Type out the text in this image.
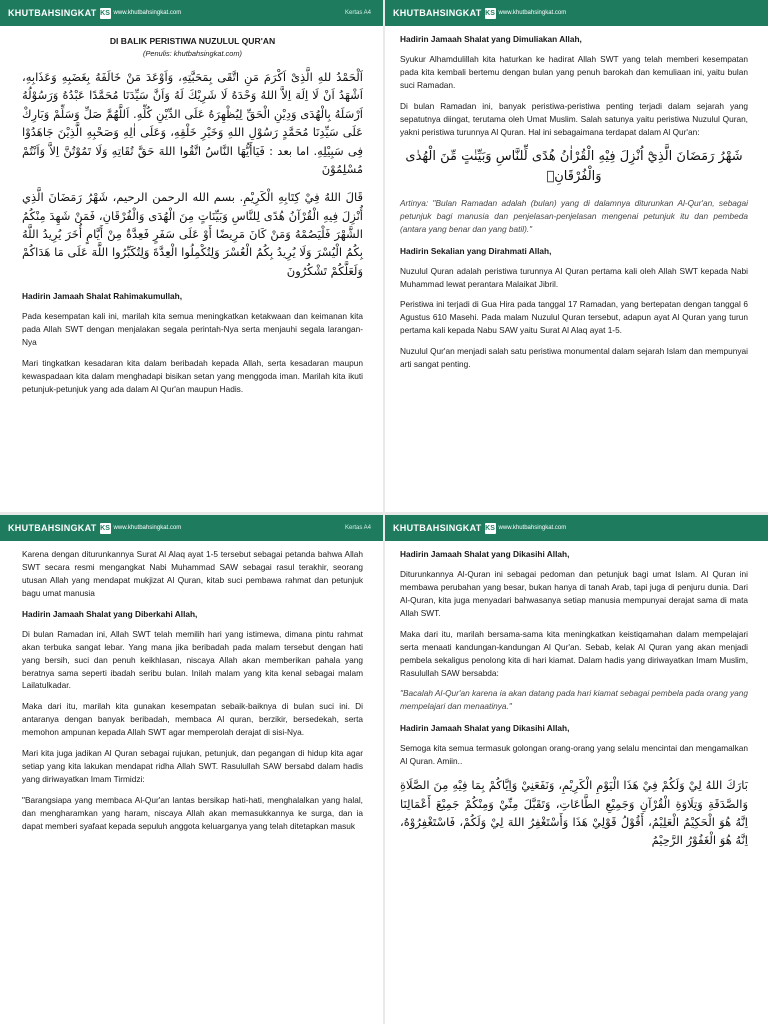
KHUTBAHSINGKAT KS www.khutbahsingkat.com	Kertas A4
DI BALIK PERISTIWA NUZULUL QUR'AN
(Penulis: khutbahsingkat.com)
اَلْحَمْدُ للهِ الَّذِىْ اَكْرَمَ مَنِ اتَّقَى بِمَحَبَّتِهِ، وَاَوْعَدَ مَنْ خَالَفَهُ بِغَضَبِهِ وَعَذَابِهِ، اَشْهَدُ اَنْ لَا اِلَهَ اِلاَّ اللهُ وَحْدَهُ لَا شَرِيْكَ لَهُ وَاَنَّ سَيِّدَنَا مُحَمَّدًا عَبْدُهُ وَرَسُوْلُهُ اَرْسَلَهُ بِالْهُدَى وَدِيْنِ الْحَقِّ لِيُظْهِرَهُ عَلَى الدِّيْنِ كُلِّهِ. اَللَّهُمَّ صَلِّ وَسَلِّمْ وَبَارِكْ عَلَى سَيِّدِنَا مُحَمَّدٍ رَسُوْلِ اللهِ وَخَيْرِ خَلْقِهِ، وَعَلَى اٰلِهِ وَصَحْبِهِ الَّذِيْنَ جَاهَدُوْا فِى سَبِيْلِهِ. اما بعد : فَيَاأَيُّهَا النَّاسُ اتَّقُوا اللهَ حَقَّ تُقَاتِهِ وَلَا تَمُوْتُنَّ اِلاَّ وَاَنْتُمْ مُسْلِمُوْنَ
قَالَ اللهُ فِيْ كِتَابِهِ الْكَرِيْمِ. بسم الله الرحمن الرحيم، شَهْرُ رَمَضَانَ الَّذِي أُنْزِلَ فِيهِ الْقُرْآنُ هُدًى لِلنَّاسِ وَبَيِّنَاتٍ مِنَ الْهُدَى وَالْفُرْقَانِ، فَمَنْ شَهِدَ مِنْكُمُ الشَّهْرَ فَلْيَصُمْهُ وَمَنْ كَانَ مَرِيضًا أَوْ عَلَى سَفَرٍ فَعِدَّةٌ مِنْ أَيَّامٍ أُخَرَ يُرِيدُ اللَّهُ بِكُمُ الْيُسْرَ وَلَا يُرِيدُ بِكُمُ الْعُسْرَ وَلِتُكْمِلُوا الْعِدَّةَ وَلِتُكَبِّرُوا اللَّهَ عَلَى مَا هَدَاكُمْ وَلَعَلَّكُمْ تَشْكُرُونَ
Hadirin Jamaah Shalat Rahimakumullah,

Pada kesempatan kali ini, marilah kita semua meningkatkan ketakwaan dan keimanan kita pada Allah SWT dengan menjalakan segala perintah-Nya serta menjauhi segala larangan-Nya

Mari tingkatkan kesadaran kita dalam beribadah kepada Allah, serta kesadaran maupun kewaspadaan kita dalam menghadapi bisikan setan yang menggoda iman. Marilah kita ikuti petunjuk-petunjuk yang ada dalam Al Qur'an maupun Hadis.

KHUTBAHSINGKAT KS www.khutbahsingkat.com
Hadirin Jamaah Shalat yang Dimuliakan Allah,

Syukur Alhamdulillah kita haturkan ke hadirat Allah SWT yang telah memberi kesempatan pada kita kembali bertemu dengan bulan yang penuh barokah dan kemuliaan ini, yaitu bulan suci Ramadan.

Di bulan Ramadan ini, banyak peristiwa-peristiwa penting terjadi dalam sejarah yang sepatutnya diingat, terutama oleh Umat Muslim. Salah satunya yaitu peristiwa Nuzulul Quran, yakni peristiwa turunnya Al Quran. Hal ini sebagaimana terdapat dalam Al Qur'an:

شَهْرُ رَمَضَانَ الَّذِيْٓ اُنْزِلَ فِيْهِ الْقُرْاٰنُ هُدًى لِّلنَّاسِ وَبَيِّنٰتٍ مِّنَ الْهُدٰى وَالْفُرْقَانِۚ

Artinya: "Bulan Ramadan adalah (bulan) yang di dalamnya diturunkan Al-Qur'an, sebagai petunjuk bagi manusia dan penjelasan-penjelasan mengenai petunjuk itu dan pembeda (antara yang benar dan yang batil)."

Hadirin Sekalian yang Dirahmati Allah,

Nuzulul Quran adalah peristiwa turunnya Al Quran pertama kali oleh Allah SWT kepada Nabi Muhammad lewat perantara Malaikat Jibril.

Peristiwa ini terjadi di Gua Hira pada tanggal 17 Ramadan, yang bertepatan dengan tanggal 6 Agustus 610 Masehi. Pada malam Nuzulul Quran tersebut, adapun ayat Al Quran yang turun pertama kali kepada Nabu SAW yaitu Surat Al Alaq ayat 1-5.

Nuzulul Qur'an menjadi salah satu peristiwa monumental dalam sejarah Islam dan mempunyai arti sangat penting.

KHUTBAHSINGKAT KS www.khutbahsingkat.com	Kertas A4

Karena dengan diturunkannya Surat Al Alaq ayat 1-5 tersebut sebagai petanda bahwa Allah SWT secara resmi mengangkat Nabi Muhammad SAW sebagai rasul terakhir, seorang utusan Allah yang mendapat mukjizat Al Quran, kitab suci pembawa rahmat dan petunjuk bagu umat manusia

Hadirin Jamaah Shalat yang Diberkahi Allah,

Di bulan Ramadan ini, Allah SWT telah memilih hari yang istimewa, dimana pintu rahmat akan terbuka sangat lebar. Yang mana jika beribadah pada malam tersebut dengan hati yang bersih, suci dan penuh keikhlasan, niscaya Allah akan memberikan pahala yang beratnya sama seperti ibadah seribu bulan. Inilah malam yang kita kenal sebagai malam Lailatulkadar.

Maka dari itu, marilah kita gunakan kesempatan sebaik-baiknya di bulan suci ini. Di antaranya dengan banyak beribadah, membaca Al quran, berzikir, bersedekah, serta memohon ampunan kepada Allah SWT agar memperolah derajat di sisi-Nya.

Mari kita juga jadikan Al Quran sebagai rujukan, petunjuk, dan pegangan di hidup kita agar setiap yang kita lakukan mendapat ridha Allah SWT. Rasulullah SAW bersabd dalam hadis yang diriwayatkan Imam Tirmidzi:

"Barangsiapa yang membaca Al-Qur'an lantas bersikap hati-hati, menghalalkan yang halal, dan mengharamkan yang haram, niscaya Allah akan memasukkannya ke surga, dan ia dapat memberi syafaat kepada sepuluh anggota keluarganya yang telah ditetapkan masuk

KHUTBAHSINGKAT KS www.khutbahsingkat.com
Hadirin Jamaah Shalat yang Dikasihi Allah,

Diturunkannya Al-Quran ini sebagai pedoman dan petunjuk bagi umat Islam. Al Quran ini membawa perubahan yang besar, bukan hanya di tanah Arab, tapi juga di penjuru dunia. Dari Al-Quran, kita juga menyadari bahwasanya setiap manusia mempunyai derajat sama di mata Allah SWT.

Maka dari itu, marilah bersama-sama kita meningkatkan keistiqamahan dalam mempelajari serta menaati kandungan-kandungan Al Qur'an. Sebab, kelak Al Quran yang akan menjadi pembela sekaligus penolong kita di hari kiamat. Dalam hadis yang diriwayatkan Imam Muslim, Rasulullah SAW bersabda:

"Bacalah Al-Qur'an karena ia akan datang pada hari kiamat sebagai pembela pada orang yang mempelajari dan menaatinya."

Hadirin Jamaah Shalat yang Dikasihi Allah,

Semoga kita semua termasuk golongan orang-orang yang selalu mencintai dan mengamalkan Al Quran. Amiin..

بَارَكَ اللهُ لِيْ وَلَكُمْ فِيْ هَذَا الْيَوْمِ الْكَرِيْمِ، وَنَفَعَنِيْ وَاِيَّاكُمْ بِمَا فِيْهِ مِنَ الصَّلَاةِ وَالصَّدَقَةِ وَتِلَاوَةِ الْقُرْآنِ وَجَمِيْعِ الطَّاعَاتِ، وَتَقَبَّلَ مِنِّيْ وَمِنْكُمْ جَمِيْعَ أَعْمَالِنَا اِنَّهُ هُوَ الْحَكِيْمُ الْعَلِيْمُ، أَقُوْلُ قَوْلِيْ هَذَا وَأَسْتَغْفِرُ اللهَ لِيْ وَلَكُمْ، فَاسْتَغْفِرُوْهُ، اِنَّهُ هُوَ الْغَفُوْرُ الرَّحِيْمُ
